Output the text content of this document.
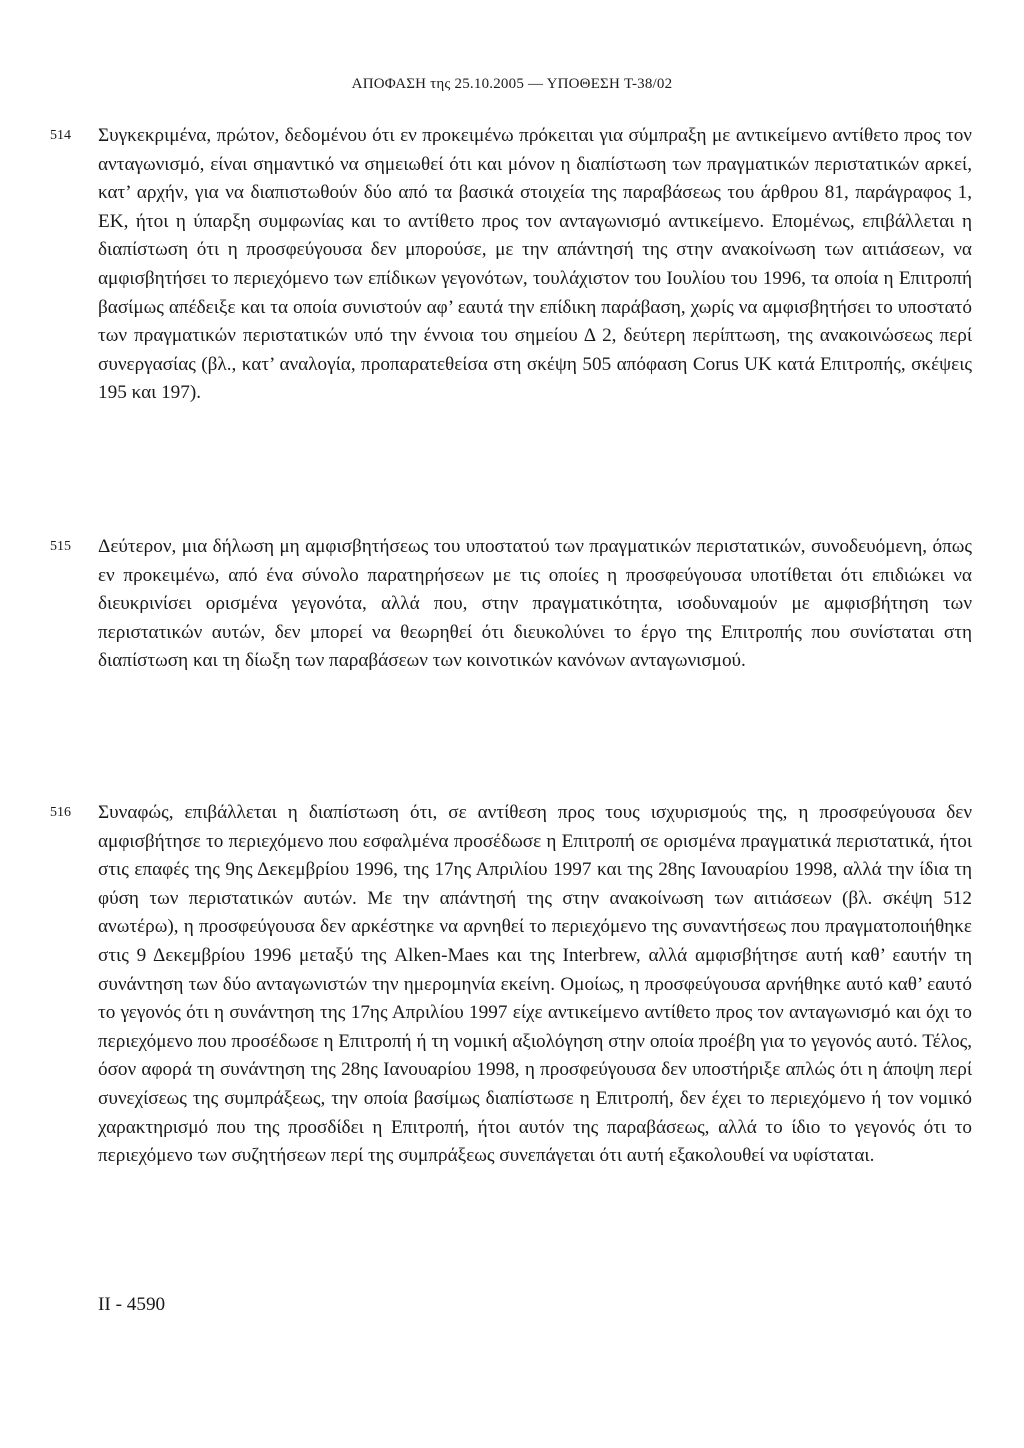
ΑΠΟΦΑΣΗ της 25.10.2005 — ΥΠΟΘΕΣΗ T-38/02
514 Συγκεκριμένα, πρώτον, δεδομένου ότι εν προκειμένω πρόκειται για σύμπραξη με αντικείμενο αντίθετο προς τον ανταγωνισμό, είναι σημαντικό να σημειωθεί ότι και μόνον η διαπίστωση των πραγματικών περιστατικών αρκεί, κατ’ αρχήν, για να διαπιστωθούν δύο από τα βασικά στοιχεία της παραβάσεως του άρθρου 81, παράγραφος 1, ΕΚ, ήτοι η ύπαρξη συμφωνίας και το αντίθετο προς τον ανταγωνισμό αντικείμενο. Επομένως, επιβάλλεται η διαπίστωση ότι η προσφεύγουσα δεν μπορούσε, με την απάντησή της στην ανακοίνωση των αιτιάσεων, να αμφισβητήσει το περιεχόμενο των επίδικων γεγονότων, τουλάχιστον του Ιουλίου του 1996, τα οποία η Επιτροπή βασίμως απέδειξε και τα οποία συνιστούν αφ’ εαυτά την επίδικη παράβαση, χωρίς να αμφισβητήσει το υποστατό των πραγματικών περιστατικών υπό την έννοια του σημείου Δ 2, δεύτερη περίπτωση, της ανακοινώσεως περί συνεργασίας (βλ., κατ’ αναλογία, προπαρατεθείσα στη σκέψη 505 απόφαση Corus UK κατά Επιτροπής, σκέψεις 195 και 197).
515 Δεύτερον, μια δήλωση μη αμφισβητήσεως του υποστατού των πραγματικών περιστατικών, συνοδευόμενη, όπως εν προκειμένω, από ένα σύνολο παρατηρήσεων με τις οποίες η προσφεύγουσα υποτίθεται ότι επιδιώκει να διευκρινίσει ορισμένα γεγονότα, αλλά που, στην πραγματικότητα, ισοδυναμούν με αμφισβήτηση των περιστατικών αυτών, δεν μπορεί να θεωρηθεί ότι διευκολύνει το έργο της Επιτροπής που συνίσταται στη διαπίστωση και τη δίωξη των παραβάσεων των κοινοτικών κανόνων ανταγωνισμού.
516 Συναφώς, επιβάλλεται η διαπίστωση ότι, σε αντίθεση προς τους ισχυρισμούς της, η προσφεύγουσα δεν αμφισβήτησε το περιεχόμενο που εσφαλμένα προσέδωσε η Επιτροπή σε ορισμένα πραγματικά περιστατικά, ήτοι στις επαφές της 9ης Δεκεμβρίου 1996, της 17ης Απριλίου 1997 και της 28ης Ιανουαρίου 1998, αλλά την ίδια τη φύση των περιστατικών αυτών. Με την απάντησή της στην ανακοίνωση των αιτιάσεων (βλ. σκέψη 512 ανωτέρω), η προσφεύγουσα δεν αρκέστηκε να αρνηθεί το περιεχόμενο της συναντήσεως που πραγματοποιήθηκε στις 9 Δεκεμβρίου 1996 μεταξύ της Alken-Maes και της Interbrew, αλλά αμφισβήτησε αυτή καθ’ εαυτήν τη συνάντηση των δύο ανταγωνιστών την ημερομηνία εκείνη. Ομοίως, η προσφεύγουσα αρνήθηκε αυτό καθ’ εαυτό το γεγονός ότι η συνάντηση της 17ης Απριλίου 1997 είχε αντικείμενο αντίθετο προς τον ανταγωνισμό και όχι το περιεχόμενο που προσέδωσε η Επιτροπή ή τη νομική αξιολόγηση στην οποία προέβη για το γεγονός αυτό. Τέλος, όσον αφορά τη συνάντηση της 28ης Ιανουαρίου 1998, η προσφεύγουσα δεν υποστήριξε απλώς ότι η άποψη περί συνεχίσεως της συμπράξεως, την οποία βασίμως διαπίστωσε η Επιτροπή, δεν έχει το περιεχόμενο ή τον νομικό χαρακτηρισμό που της προσδίδει η Επιτροπή, ήτοι αυτόν της παραβάσεως, αλλά το ίδιο το γεγονός ότι το περιεχόμενο των συζητήσεων περί της συμπράξεως συνεπάγεται ότι αυτή εξακολουθεί να υφίσταται.
II - 4590
